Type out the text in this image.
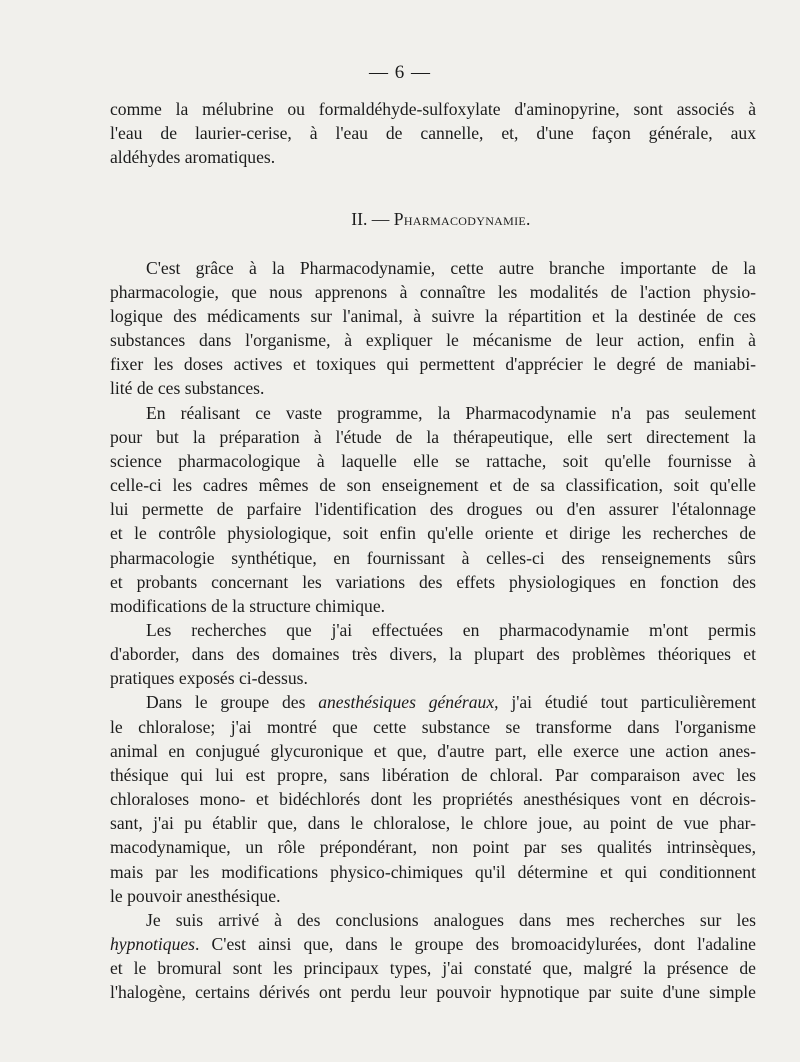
— 6 —
comme la mélubrine ou formaldéhyde-sulfoxylate d'aminopyrine, sont associés à
l'eau de laurier-cerise, à l'eau de cannelle, et, d'une façon générale, aux
aldéhydes aromatiques.
II. — Pharmacodynamie.
C'est grâce à la Pharmacodynamie, cette autre branche importante de la
pharmacologie, que nous apprenons à connaître les modalités de l'action physio-
logique des médicaments sur l'animal, à suivre la répartition et la destinée de ces
substances dans l'organisme, à expliquer le mécanisme de leur action, enfin à
fixer les doses actives et toxiques qui permettent d'apprécier le degré de maniabi-
lité de ces substances.
En réalisant ce vaste programme, la Pharmacodynamie n'a pas seulement
pour but la préparation à l'étude de la thérapeutique, elle sert directement la
science pharmacologique à laquelle elle se rattache, soit qu'elle fournisse à
celle-ci les cadres mêmes de son enseignement et de sa classification, soit qu'elle
lui permette de parfaire l'identification des drogues ou d'en assurer l'étalonnage
et le contrôle physiologique, soit enfin qu'elle oriente et dirige les recherches de
pharmacologie synthétique, en fournissant à celles-ci des renseignements sûrs
et probants concernant les variations des effets physiologiques en fonction des
modifications de la structure chimique.
Les recherches que j'ai effectuées en pharmacodynamie m'ont permis
d'aborder, dans des domaines très divers, la plupart des problèmes théoriques et
pratiques exposés ci-dessus.
Dans le groupe des anesthésiques généraux, j'ai étudié tout particulièrement
le chloralose; j'ai montré que cette substance se transforme dans l'organisme
animal en conjugué glycuronique et que, d'autre part, elle exerce une action anes-
thésique qui lui est propre, sans libération de chloral. Par comparaison avec les
chloraloses mono- et bidéchlorés dont les propriétés anesthésiques vont en décrois-
sant, j'ai pu établir que, dans le chloralose, le chlore joue, au point de vue phar-
macodynamique, un rôle prépondérant, non point par ses qualités intrinsèques,
mais par les modifications physico-chimiques qu'il détermine et qui conditionnent
le pouvoir anesthésique.
Je suis arrivé à des conclusions analogues dans mes recherches sur les
hypnotiques. C'est ainsi que, dans le groupe des bromoacidylurées, dont l'adaline
et le bromural sont les principaux types, j'ai constaté que, malgré la présence de
l'halogène, certains dérivés ont perdu leur pouvoir hypnotique par suite d'une simple
